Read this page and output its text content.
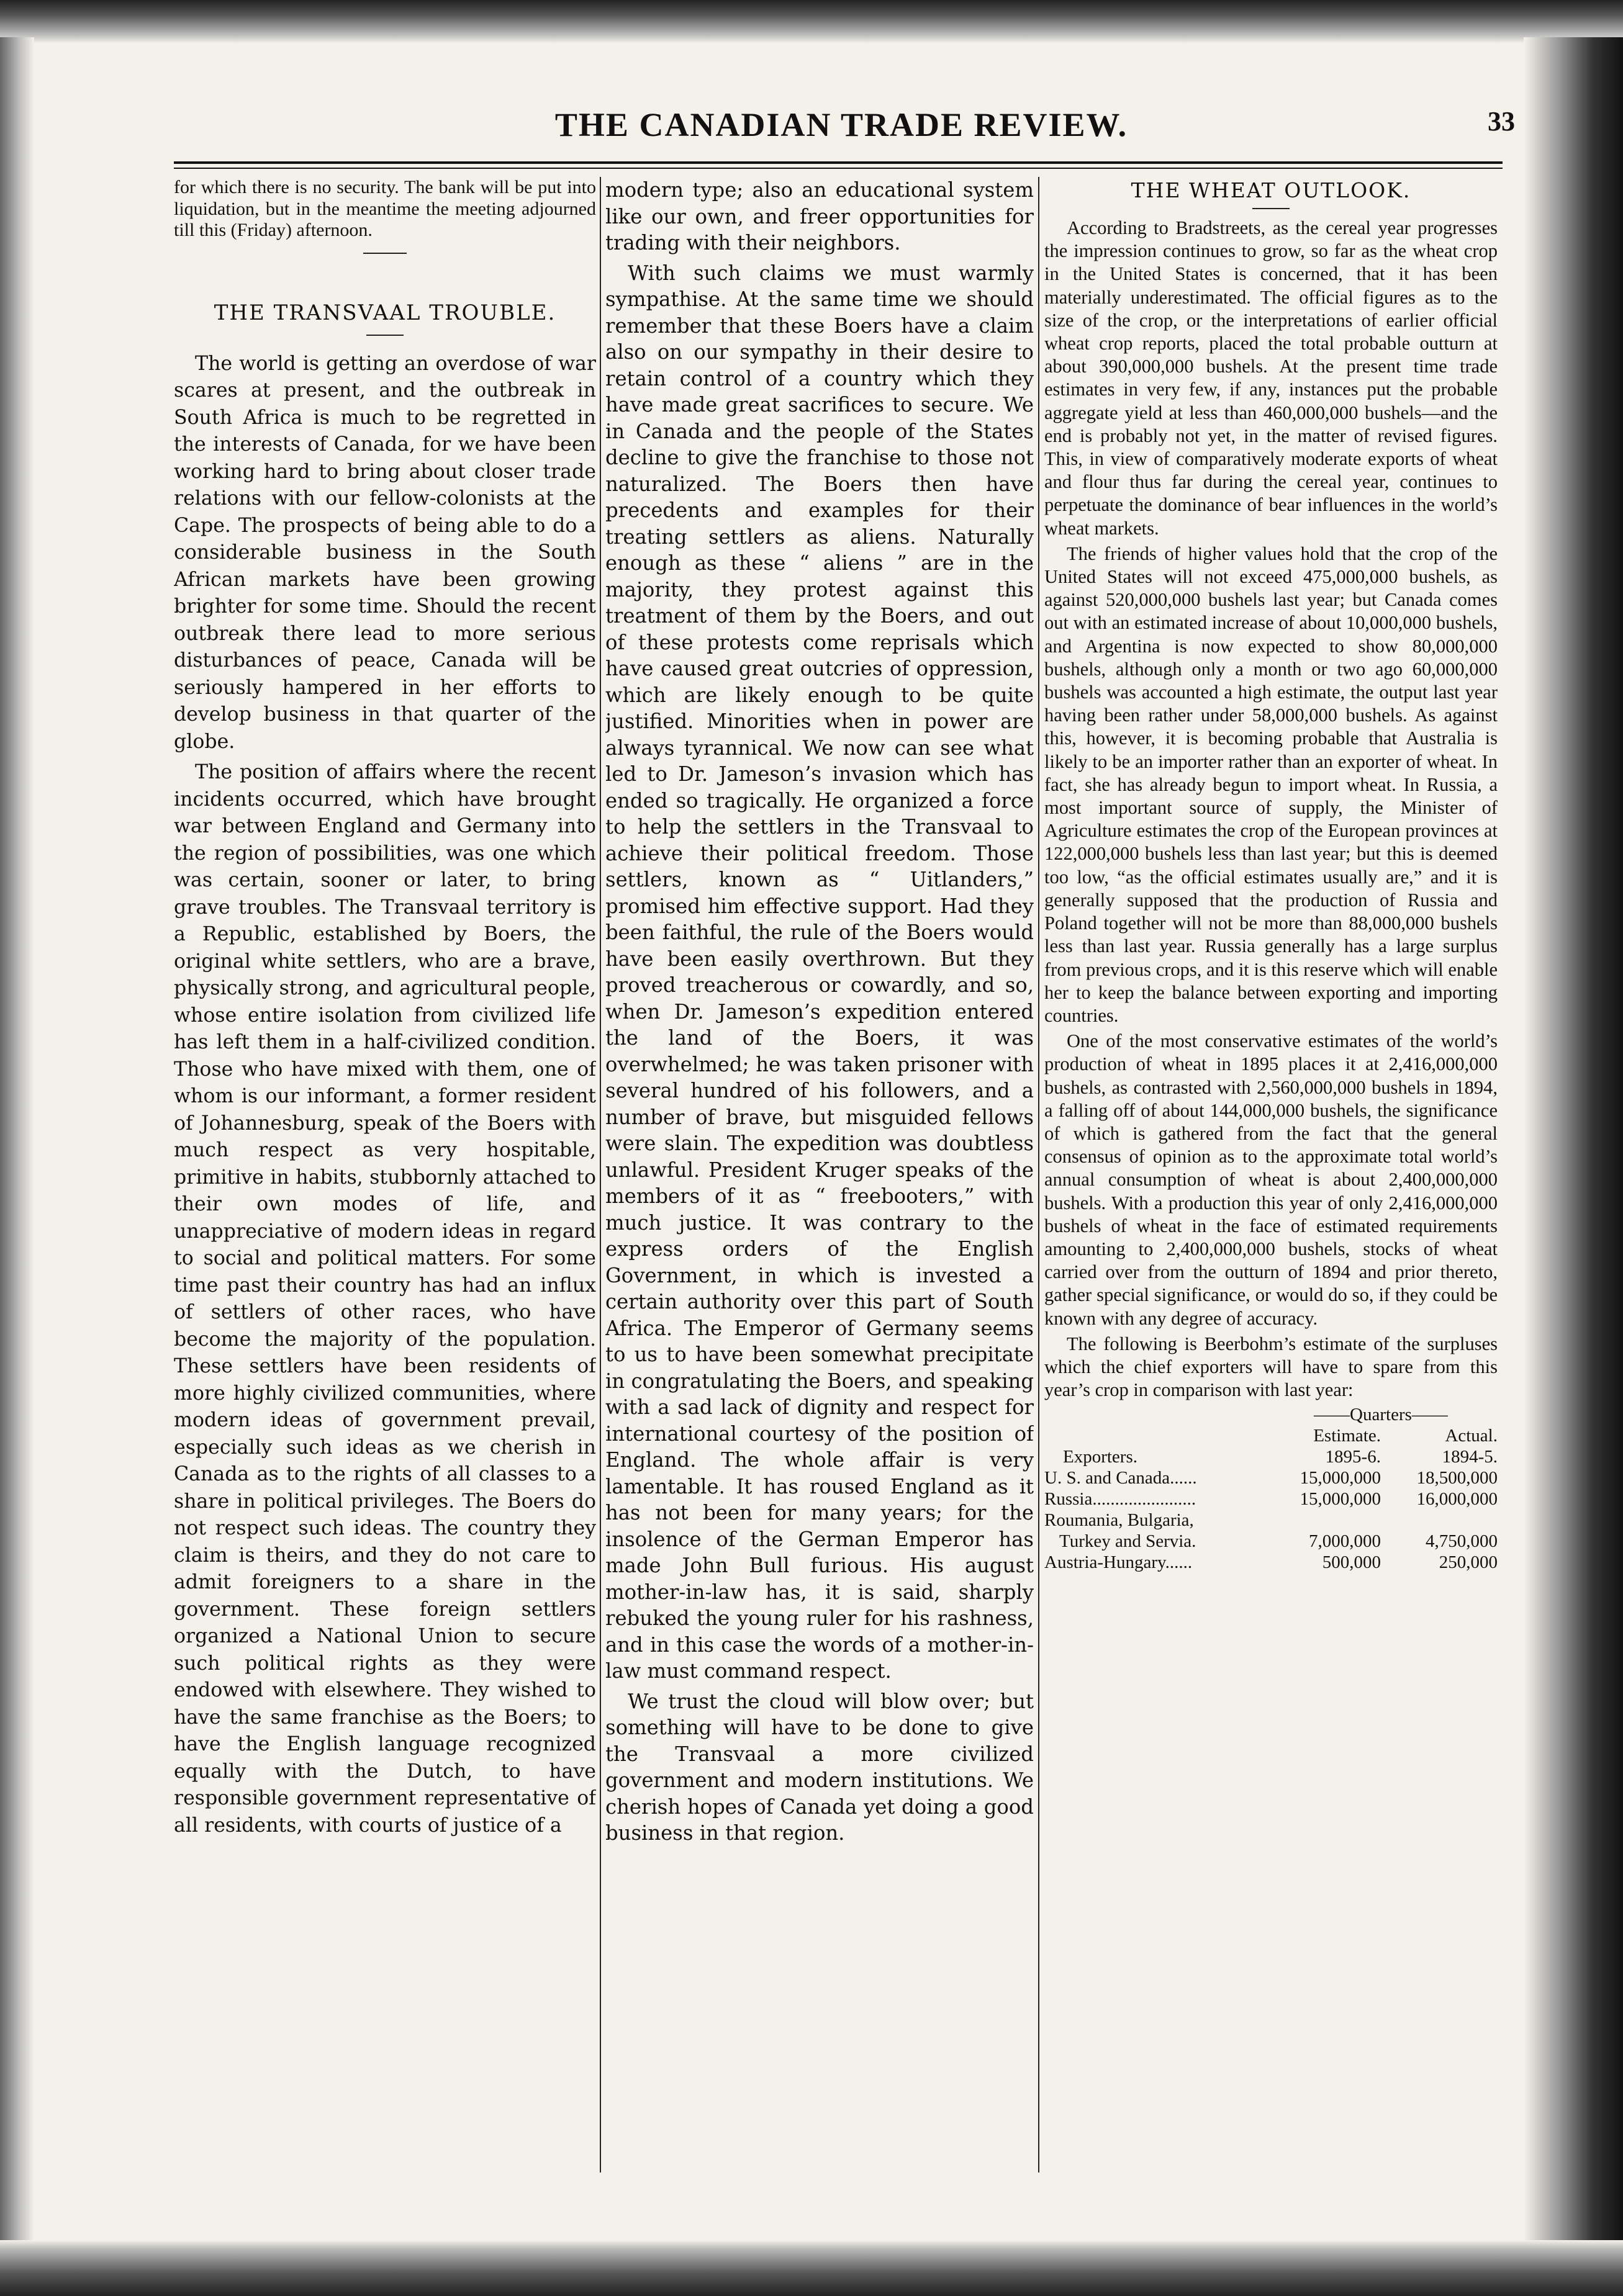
THE CANADIAN TRADE REVIEW.	33

for which there is no security. The bank will be put into liquidation, but in the meantime the meeting adjourned till this (Friday) afternoon.

THE TRANSVAAL TROUBLE.

The world is getting an overdose of war scares at present, and the outbreak in South Africa is much to be regretted in the interests of Canada, for we have been working hard to bring about closer trade relations with our fellow-colonists at the Cape. The prospects of being able to do a considerable business in the South African markets have been growing brighter for some time. Should the recent outbreak there lead to more serious disturbances of peace, Canada will be seriously hampered in her efforts to develop business in that quarter of the globe.

The position of affairs where the recent incidents occurred, which have brought war between England and Germany into the region of possibilities, was one which was certain, sooner or later, to bring grave troubles. The Transvaal territory is a Republic, established by Boers, the original white settlers, who are a brave, physically strong, and agricultural people, whose entire isolation from civilized life has left them in a half-civilized condition. Those who have mixed with them, one of whom is our informant, a former resident of Johannesburg, speak of the Boers with much respect as very hospitable, primitive in habits, stubbornly attached to their own modes of life, and unappreciative of modern ideas in regard to social and political matters. For some time past their country has had an influx of settlers of other races, who have become the majority of the population. These settlers have been residents of more highly civilized communities, where modern ideas of government prevail, especially such ideas as we cherish in Canada as to the rights of all classes to a share in political privileges. The Boers do not respect such ideas. The country they claim is theirs, and they do not care to admit foreigners to a share in the government. These foreign settlers organized a National Union to secure such political rights as they were endowed with elsewhere. They wished to have the same franchise as the Boers; to have the English language recognized equally with the Dutch, to have responsible government representative of all residents, with courts of justice of a

modern type; also an educational system like our own, and freer opportunities for trading with their neighbors.

With such claims we must warmly sympathise. At the same time we should remember that these Boers have a claim also on our sympathy in their desire to retain control of a country which they have made great sacrifices to secure. We in Canada and the people of the States decline to give the franchise to those not naturalized. The Boers then have precedents and examples for their treating settlers as aliens. Naturally enough as these “ aliens ” are in the majority, they protest against this treatment of them by the Boers, and out of these protests come reprisals which have caused great outcries of oppression, which are likely enough to be quite justified. Minorities when in power are always tyrannical. We now can see what led to Dr. Jameson’s invasion which has ended so tragically. He organized a force to help the settlers in the Transvaal to achieve their political freedom. Those settlers, known as “ Uitlanders,” promised him effective support. Had they been faithful, the rule of the Boers would have been easily overthrown. But they proved treacherous or cowardly, and so, when Dr. Jameson’s expedition entered the land of the Boers, it was overwhelmed; he was taken prisoner with several hundred of his followers, and a number of brave, but misguided fellows were slain. The expedition was doubtless unlawful. President Kruger speaks of the members of it as “ freebooters,” with much justice. It was contrary to the express orders of the English Government, in which is invested a certain authority over this part of South Africa. The Emperor of Germany seems to us to have been somewhat precipitate in congratulating the Boers, and speaking with a sad lack of dignity and respect for international courtesy of the position of England. The whole affair is very lamentable. It has roused England as it has not been for many years; for the insolence of the German Emperor has made John Bull furious. His august mother-in-law has, it is said, sharply rebuked the young ruler for his rashness, and in this case the words of a mother-in-law must command respect.

We trust the cloud will blow over; but something will have to be done to give the Transvaal a more civilized government and modern institutions. We cherish hopes of Canada yet doing a good business in that region.

THE WHEAT OUTLOOK.

According to Bradstreets, as the cereal year progresses the impression continues to grow, so far as the wheat crop in the United States is concerned, that it has been materially underestimated. The official figures as to the size of the crop, or the interpretations of earlier official wheat crop reports, placed the total probable outturn at about 390,000,000 bushels. At the present time trade estimates in very few, if any, instances put the probable aggregate yield at less than 460,000,000 bushels—and the end is probably not yet, in the matter of revised figures. This, in view of comparatively moderate exports of wheat and flour thus far during the cereal year, continues to perpetuate the dominance of bear influences in the world’s wheat markets.

The friends of higher values hold that the crop of the United States will not exceed 475,000,000 bushels, as against 520,000,000 bushels last year; but Canada comes out with an estimated increase of about 10,000,000 bushels, and Argentina is now expected to show 80,000,000 bushels, although only a month or two ago 60,000,000 bushels was accounted a high estimate, the output last year having been rather under 58,000,000 bushels. As against this, however, it is becoming probable that Australia is likely to be an importer rather than an exporter of wheat. In fact, she has already begun to import wheat. In Russia, a most important source of supply, the Minister of Agriculture estimates the crop of the European provinces at 122,000,000 bushels less than last year; but this is deemed too low, “as the official estimates usually are,” and it is generally supposed that the production of Russia and Poland together will not be more than 88,000,000 bushels less than last year. Russia generally has a large surplus from previous crops, and it is this reserve which will enable her to keep the balance between exporting and importing countries.

One of the most conservative estimates of the world’s production of wheat in 1895 places it at 2,416,000,000 bushels, as contrasted with 2,560,000,000 bushels in 1894, a falling off of about 144,000,000 bushels, the significance of which is gathered from the fact that the general consensus of opinion as to the approximate total world’s annual consumption of wheat is about 2,400,000,000 bushels. With a production this year of only 2,416,000,000 bushels of wheat in the face of estimated requirements amounting to 2,400,000,000 bushels, stocks of wheat carried over from the outturn of 1894 and prior thereto, gather special significance, or would do so, if they could be known with any degree of accuracy.

The following is Beerbohm’s estimate of the surpluses which the chief exporters will have to spare from this year’s crop in comparison with last year:

	——Quarters——	
	Estimate.	Actual.
Exporters.	1895-6.	1894-5.
U. S. and Canada......	15,000,000	18,500,000
Russia.......................	15,000,000	16,000,000
Roumania, Bulgaria,		
Turkey and Servia.	7,000,000	4,750,000
Austria-Hungary......	500,000	250,000
